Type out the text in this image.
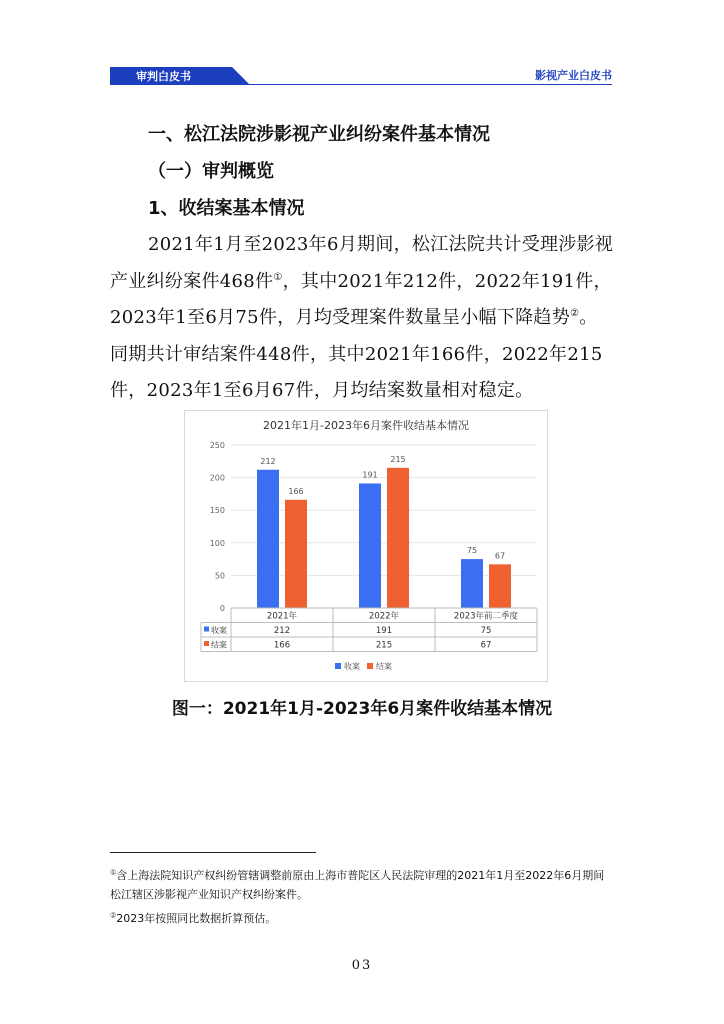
审判白皮书	影视产业白皮书
一、松江法院涉影视产业纠纷案件基本情况
（一）审判概览
1、收结案基本情况
2021年1月至2023年6月期间，松江法院共计受理涉影视产业纠纷案件468件①，其中2021年212件，2022年191件，2023年1至6月75件，月均受理案件数量呈小幅下降趋势②。同期共计审结案件448件，其中2021年166件，2022年215件，2023年1至6月67件，月均结案数量相对稳定。
2021年1月-2023年6月案件收结基本情况
0
50
100
150
200
250
212
166
191
215
75
67
2021年	2022年	2023年前二季度
收案	212	191	75
结案	166	215	67
收案 结案
图一：2021年1月-2023年6月案件收结基本情况
①含上海法院知识产权纠纷管辖调整前原由上海市普陀区人民法院审理的2021年1月至2022年6月期间松江辖区涉影视产业知识产权纠纷案件。
②2023年按照同比数据折算预估。
03
